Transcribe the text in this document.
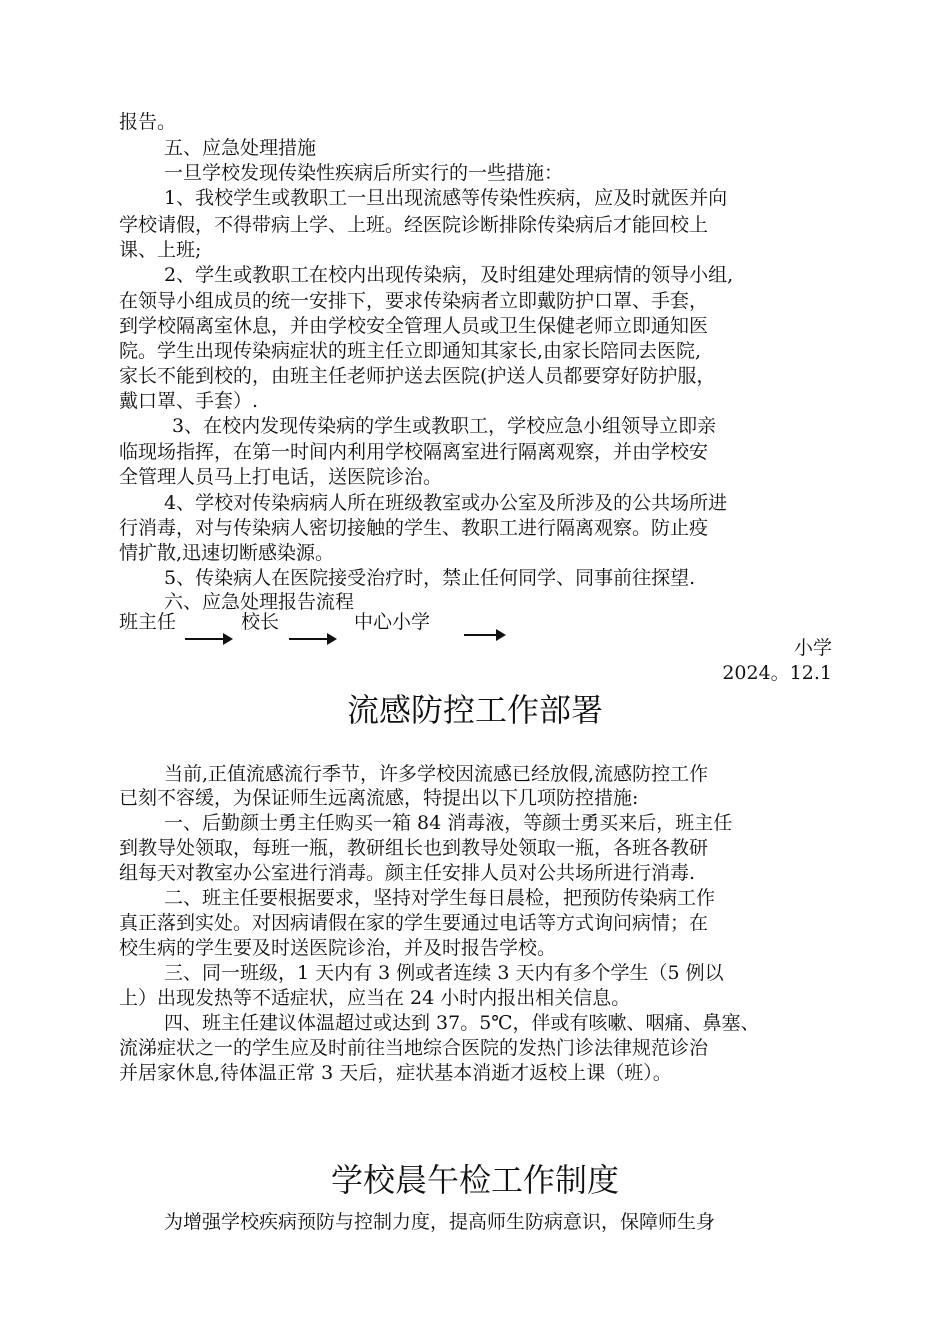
报告。
五、应急处理措施
一旦学校发现传染性疾病后所实行的一些措施：
1、我校学生或教职工一旦出现流感等传染性疾病，应及时就医并向
学校请假，不得带病上学、上班。经医院诊断排除传染病后才能回校上
课、上班;
2、学生或教职工在校内出现传染病，及时组建处理病情的领导小组,
在领导小组成员的统一安排下，要求传染病者立即戴防护口罩、手套，
到学校隔离室休息，并由学校安全管理人员或卫生保健老师立即通知医
院。学生出现传染病症状的班主任立即通知其家长,由家长陪同去医院,
家长不能到校的，由班主任老师护送去医院(护送人员都要穿好防护服，
戴口罩、手套）.
3、在校内发现传染病的学生或教职工，学校应急小组领导立即亲
临现场指挥，在第一时间内利用学校隔离室进行隔离观察，并由学校安
全管理人员马上打电话，送医院诊治。
4、学校对传染病病人所在班级教室或办公室及所涉及的公共场所进
行消毒，对与传染病人密切接触的学生、教职工进行隔离观察。防止疫
情扩散,迅速切断感染源。
5、传染病人在医院接受治疗时，禁止任何同学、同事前往探望.
六、应急处理报告流程
班主任	校长	中心小学
小学
2024。12.1
流感防控工作部署
当前,正值流感流行季节，许多学校因流感已经放假,流感防控工作
已刻不容缓，为保证师生远离流感，特提出以下几项防控措施:
一、后勤颜士勇主任购买一箱 84 消毒液，等颜士勇买来后，班主任
到教导处领取，每班一瓶，教研组长也到教导处领取一瓶，各班各教研
组每天对教室办公室进行消毒。颜主任安排人员对公共场所进行消毒.
二、班主任要根据要求，坚持对学生每日晨检，把预防传染病工作
真正落到实处。对因病请假在家的学生要通过电话等方式询问病情；在
校生病的学生要及时送医院诊治，并及时报告学校。
三、同一班级，1 天内有 3 例或者连续 3 天内有多个学生（5 例以
上）出现发热等不适症状，应当在 24 小时内报出相关信息。
四、班主任建议体温超过或达到 37。5℃，伴或有咳嗽、咽痛、鼻塞、
流涕症状之一的学生应及时前往当地综合医院的发热门诊法律规范诊治
并居家休息,待体温正常 3 天后，症状基本消逝才返校上课（班）。
学校晨午检工作制度
为增强学校疾病预防与控制力度，提高师生防病意识，保障师生身
